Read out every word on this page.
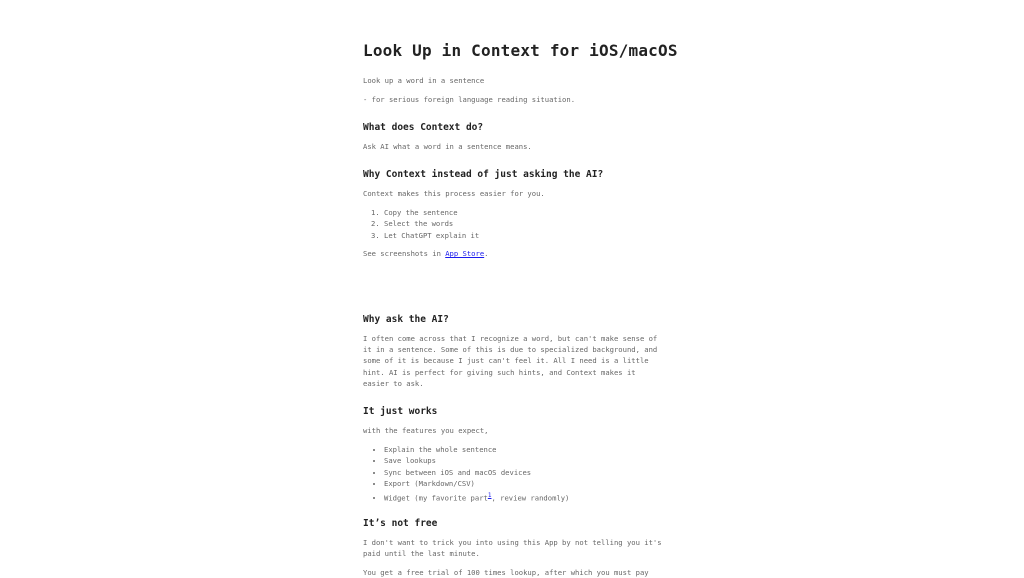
Look Up in Context for iOS/macOS

Look up a word in a sentence

- for serious foreign language reading situation.

What does Context do?

Ask AI what a word in a sentence means.

Why Context instead of just asking the AI?

Context makes this process easier for you.

1. Copy the sentence
2. Select the words
3. Let ChatGPT explain it

See screenshots in App Store.

Why ask the AI?

I often come across that I recognize a word, but can't make sense of it in a sentence. Some of this is due to specialized background, and some of it is because I just can't feel it. All I need is a little hint. AI is perfect for giving such hints, and Context makes it easier to ask.

It just works

with the features you expect,

• Explain the whole sentence
• Save lookups
• Sync between iOS and macOS devices
• Export (Markdown/CSV)
• Widget (my favorite part$^1$, review randomly)
It’s not free

I don't want to trick you into using this App by not telling you it's paid until the last minute.

You get a free trial of 100 times lookup, after which you must pay
